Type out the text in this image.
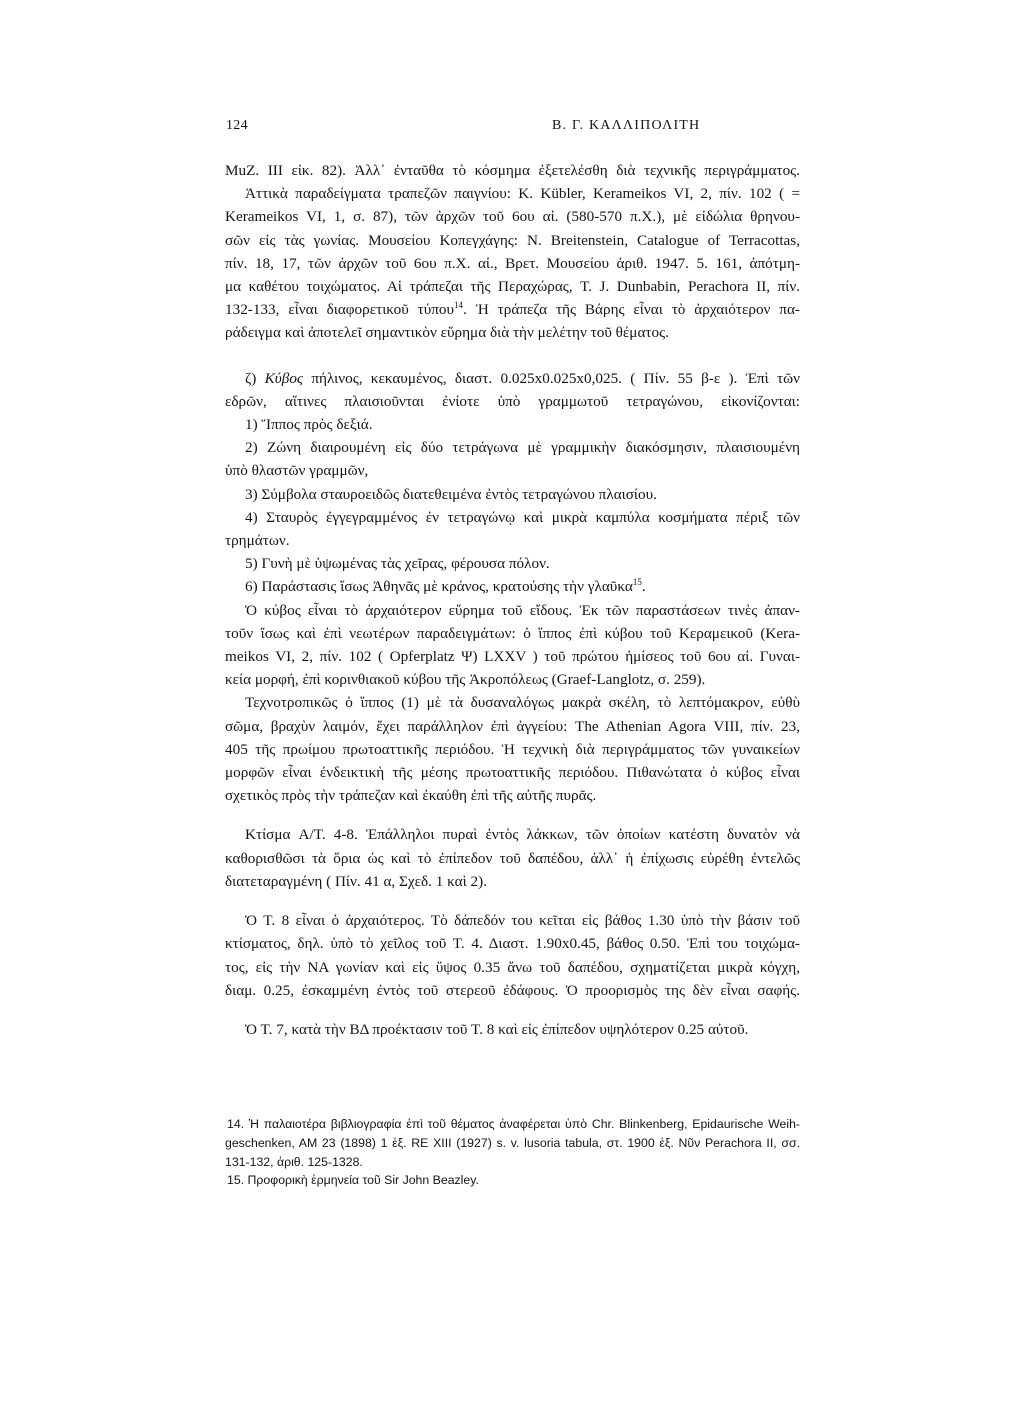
124	Β. Γ. ΚΑΛΛΙΠΟΛΙΤΗ
MuZ. III εἰκ. 82). Ἀλλ᾽ ἐνταῦθα τὸ κόσμημα ἐξετελέσθη διὰ τεχνικῆς περιγράμματος.
Ἀττικὰ παραδείγματα τραπεζῶν παιγνίου: K. Kübler, Kerameikos VI, 2, πίν. 102 ( =
Kerameikos VI, 1, σ. 87), τῶν ἀρχῶν τοῦ 6ου αἰ. (580-570 π.Χ.), μὲ εἰδώλια θρηνου-
σῶν εἰς τὰς γωνίας. Μουσείου Κοπεγχάγης: N. Breitenstein, Catalogue of Terracottas,
πίν. 18, 17, τῶν ἀρχῶν τοῦ 6ου π.Χ. αἰ., Βρετ. Μουσείου ἀριθ. 1947. 5. 161, ἀπότμη-
μα καθέτου τοιχώματος. Αἱ τράπεζαι τῆς Περαχώρας, T. J. Dunbabin, Perachora II, πίν.
132-133, εἶναι διαφορετικοῦ τύπου$^{14}$. Ἡ τράπεζα τῆς Βάρης εἶναι τὸ ἀρχαιότερον πα-
ράδειγμα καὶ ἀποτελεῖ σημαντικὸν εὕρημα διὰ τὴν μελέτην τοῦ θέματος.
ζ) Κύβος πήλινος, κεκαυμένος, διαστ. 0.025x0.025x0,025. ( Πίν. 55 β-ε ). Ἐπὶ τῶν
εδρῶν, αἵτινες πλαισιοῦνται ἐνίοτε ὑπὸ γραμμωτοῦ τετραγώνου, εἰκονίζονται:
1) Ἵππος πρὸς δεξιά.
2) Ζώνη διαιρουμένη εἰς δύο τετράγωνα μὲ γραμμικὴν διακόσμησιν, πλαισιουμένη
ὑπὸ θλαστῶν γραμμῶν,
3) Σύμβολα σταυροειδῶς διατεθειμένα ἐντὸς τετραγώνου πλαισίου.
4) Σταυρὸς ἐγγεγραμμένος ἐν τετραγώνῳ καὶ μικρὰ καμπύλα κοσμήματα πέριξ τῶν
τρημάτων.
5) Γυνὴ μὲ ὑψωμένας τὰς χεῖρας, φέρουσα πόλον.
6) Παράστασις ἴσως Ἀθηνᾶς μὲ κράνος, κρατούσης τὴν γλαῦκα$^{15}$.
Ὁ κύβος εἶναι τὸ ἀρχαιότερον εὕρημα τοῦ εἴδους. Ἐκ τῶν παραστάσεων τινὲς ἀπαν-
τοῦν ἴσως καὶ ἐπὶ νεωτέρων παραδειγμάτων: ὁ ἵππος ἐπὶ κύβου τοῦ Κεραμεικοῦ (Kera-
meikos VI, 2, πίν. 102 ( Opferplatz Ψ) LXXV ) τοῦ πρώτου ἡμίσεος τοῦ 6ου αἰ. Γυναι-
κεία μορφή, ἐπὶ κορινθιακοῦ κύβου τῆς Ἀκροπόλεως (Graef-Langlotz, σ. 259).
Τεχνοτροπικῶς ὁ ἵππος (1) μὲ τὰ δυσαναλόγως μακρὰ σκέλη, τὸ λεπτόμακρον, εὐθὺ
σῶμα, βραχὺν λαιμόν, ἔχει παράλληλον ἐπὶ ἀγγείου: The Athenian Agora VIII, πίν. 23,
405 τῆς πρωίμου πρωτοαττικῆς περιόδου. Ἡ τεχνικὴ διὰ περιγράμματος τῶν γυναικείων
μορφῶν εἶναι ἐνδεικτικὴ τῆς μέσης πρωτοαττικῆς περιόδου. Πιθανώτατα ὁ κύβος εἶναι
σχετικὸς πρὸς τὴν τράπεζαν καὶ ἐκαύθη ἐπὶ τῆς αὐτῆς πυρᾶς.
Κτίσμα A/T. 4-8. Ἐπάλληλοι πυραὶ ἐντὸς λάκκων, τῶν ὁποίων κατέστη δυνατὸν νὰ
καθορισθῶσι τὰ ὅρια ὡς καὶ τὸ ἐπίπεδον τοῦ δαπέδου, ἀλλ᾽ ἡ ἐπίχωσις εὑρέθη ἐντελῶς
διατεταραγμένη ( Πίν. 41 α, Σχεδ. 1 καὶ 2).
Ὁ Τ. 8 εἶναι ὁ ἀρχαιότερος. Τὸ δάπεδόν του κεῖται εἰς βάθος 1.30 ὑπὸ τὴν βάσιν τοῦ
κτίσματος, δηλ. ὑπὸ τὸ χεῖλος τοῦ Τ. 4. Διαστ. 1.90x0.45, βάθος 0.50. Ἐπὶ του τοιχώμα-
τος, εἰς τὴν ΝΑ γωνίαν καὶ εἰς ὕψος 0.35 ἄνω τοῦ δαπέδου, σχηματίζεται μικρὰ κόγχη,
διαμ. 0.25, ἐσκαμμένη ἐντὸς τοῦ στερεοῦ ἐδάφους. Ὁ προορισμὸς της δὲν εἶναι σαφής.
Ὁ Τ. 7, κατὰ τὴν ΒΔ προέκτασιν τοῦ Τ. 8 καὶ εἰς ἐπίπεδον υψηλότερον 0.25 αὐτοῦ.
14. Ἡ παλαιοτέρα βιβλιογραφία ἐπὶ τοῦ θέματος ἀναφέρεται ὑπὸ Chr. Blinkenberg, Epidaurische Weih-
geschenken, AM 23 (1898) 1 ἑξ. RE XIII (1927) s. v. lusoria tabula, στ. 1900 ἑξ. Νῦν Perachora II, σσ.
131-132, ἀριθ. 125-1328.
15. Προφορικὴ ἑρμηνεία τοῦ Sir John Beazley.
